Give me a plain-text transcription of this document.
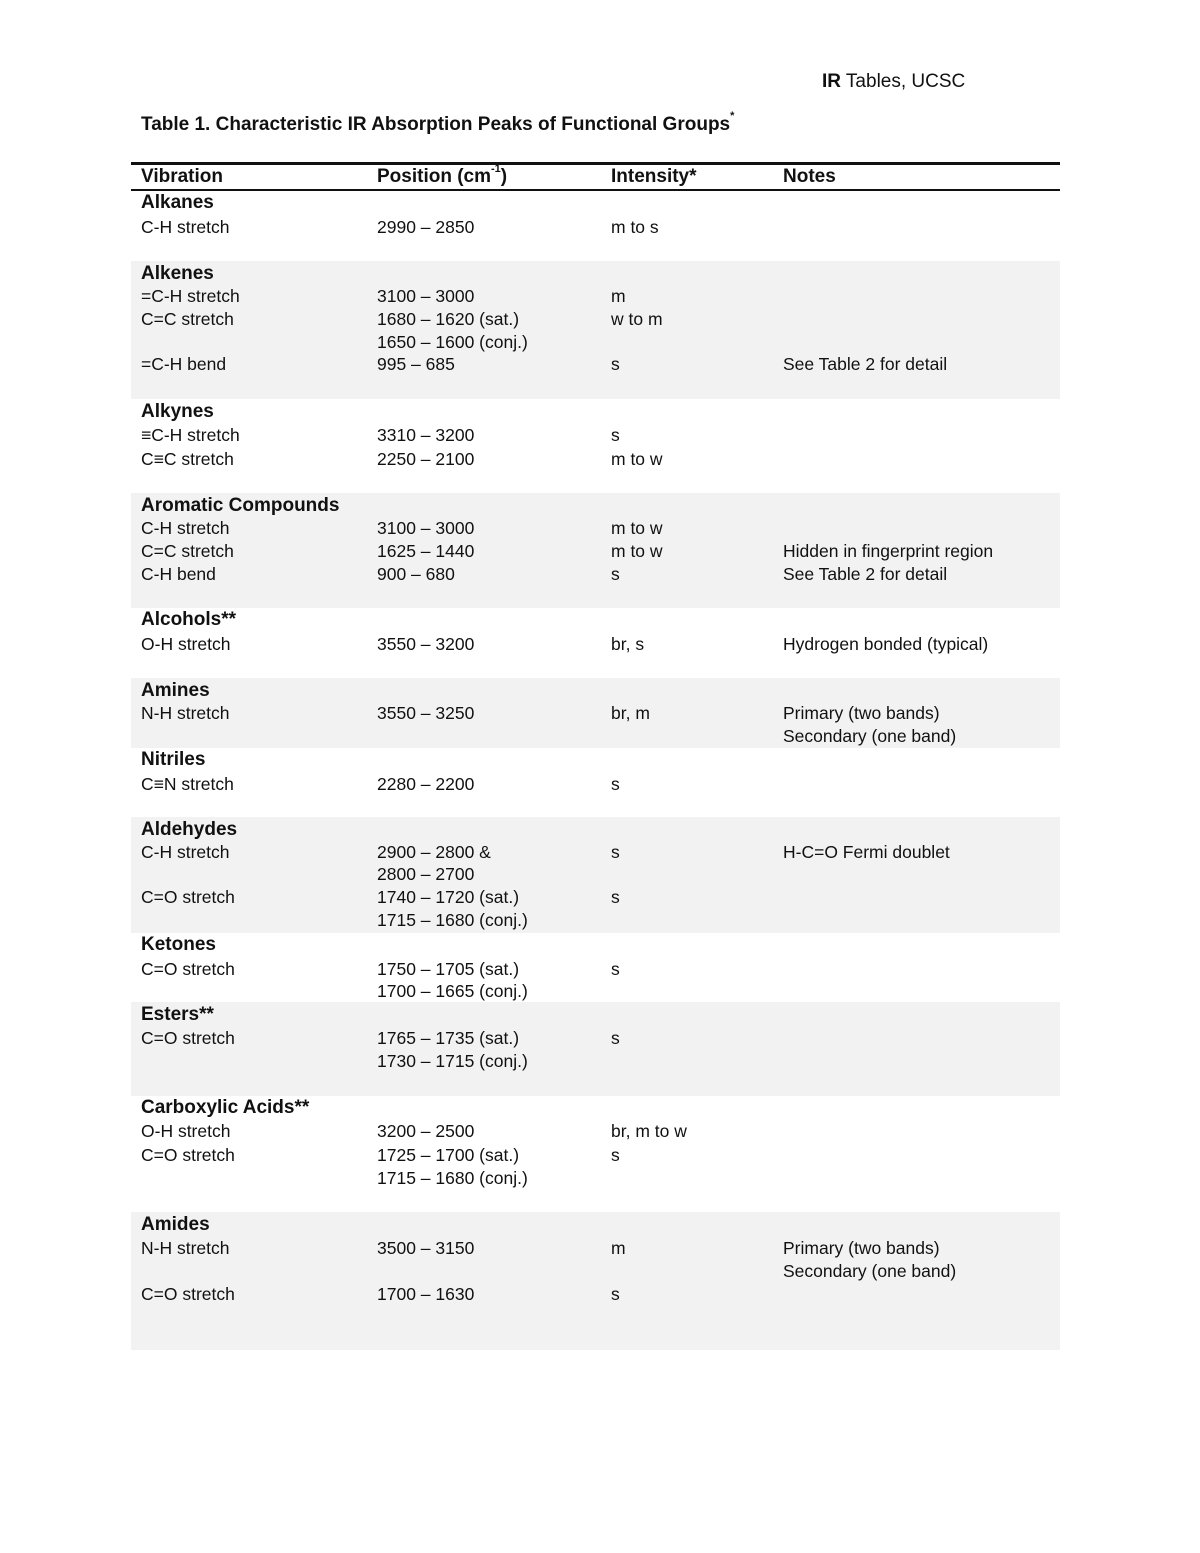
IR Tables, UCSC
Table 1. Characteristic IR Absorption Peaks of Functional Groups*
Vibration	Position $(cm^{-1})$	Intensity*	Notes
Alkanes
C-H stretch	2990 – 2850	m to s
Alkenes
=C-H stretch	3100 – 3000	m
C=C stretch	1680 – 1620 (sat.)	w to m
1650 – 1600 (conj.)
=C-H bend	995 – 685	s	See Table 2 for detail
Alkynes
≡C-H stretch	3310 – 3200	s
C≡C stretch	2250 – 2100	m to w
Aromatic Compounds
C-H stretch	3100 – 3000	m to w
C=C stretch	1625 – 1440	m to w	Hidden in fingerprint region
C-H bend	900 – 680	s	See Table 2 for detail
Alcohols**
O-H stretch	3550 – 3200	br, s	Hydrogen bonded (typical)
Amines
N-H stretch	3550 – 3250	br, m	Primary (two bands)
Secondary (one band)
Nitriles
C≡N stretch	2280 – 2200	s
Aldehydes
C-H stretch	2900 – 2800 &	s	H-C=O Fermi doublet
2800 – 2700
C=O stretch	1740 – 1720 (sat.)	s
1715 – 1680 (conj.)
Ketones
C=O stretch	1750 – 1705 (sat.)	s
1700 – 1665 (conj.)
Esters**
C=O stretch	1765 – 1735 (sat.)	s
1730 – 1715 (conj.)
Carboxylic Acids**
O-H stretch	3200 – 2500	br, m to w
C=O stretch	1725 – 1700 (sat.)	s
1715 – 1680 (conj.)
Amides
N-H stretch	3500 – 3150	m	Primary (two bands)
Secondary (one band)
C=O stretch	1700 – 1630	s
